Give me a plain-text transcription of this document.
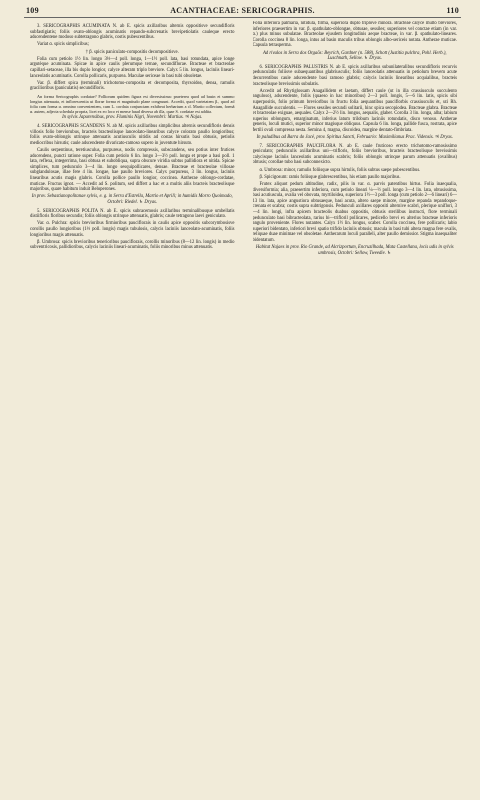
109	ACANTHACEAE: SERICOGRAPHIS.	110

3. SERICOGRAPHIS ACUMINATA N. ab E. spicis axillaribus alternis oppositisve secundifloris subfastigiatis; foliis ovato-oblongis acuminatis repando-subcrenatis brevipetiolatis cauleque erecto adscendentene modoso subtetragono glabris, costis pubescentibus.

Variat α. spicis simplicibus;

† β. spicis paniculato-compositis decompositisve.

Folia cum petiolo 1½ lin. longo 3⅓—4 poll. longa, 1—1½ poll. lata, basi rotundata, apice longe argutèque acuminata. Spicae in apice caulis plerumque ternae, secundiflorae. Bracteae et bracteolae capillari-setaceae, illa bis duplo longior, calyce alteram triplo breviore. Calyx 5 lin. longus, laciniis lineari-lanceolatis acuminatis. Corolla pollicaris, purpurea. Maculae sericeae in basi tubi obsoletae.

Var. β. differt spica (terminali) trichotomo-composita et decomposita, thyrsoidea, densa, ramulis gracilioribus (paniculatis) secundifloris.

An forma Sericographis cordatae? Folliorum quidem figura est diversissima: praeterea quod ad basin et summo longius attenuata, et inflorescentia ut florae forma et magnitudo plane congruunt. Accedit, quod varietatem β., quod ad folia cum forma α. omnino convenientem, cum L. cordata conjunctam exhibeat herbarium a cl. Martio collectum, formâ α. autem, adjecta schedula propria, licet ex eo loco et mense haud diversa ab illa, quae S. cordatae est addita.

In sylvis Japurensibus, prov. Fluminis Nigri, Novembri: Martius. ♃ Najas.

4. SERICOGRAPHIS SCANDENS N. ab M. spicis axillaribus simplicibus alternis secundifloris densis villosis folio breviorubus, bracteis bracteolisque lanceolato-linearibus calyce coloratо paullo longioribus; foliis ovato-oblongis utrinque attenuatis acutiusculis nitidis ad costas hirsutis basi obtusis, petiolis mediocribus hirsutis; caule adscendente divaricato-ramoso supero in juventute hirsuto.

Caulis serpentinus, teretiusculus, purpureus, nodis compressis, subscandens, seu potius inter frutices adscendens, puncti ratione super. Folia cum petiolo 6 lin. longo 3—3½ poll. longa et prope a basi poll. 1 lata, reflexa, integerrima, basi obtusa et subobliqua, supra obscure viridia subtus pallidiora et nitida. Spicae simplices, tum pedunculo 3—4 lin. longo sesquipollicares, densae. Bracteae et bracteolae villosae subglandulosae, illae fere 4 lin. longae, hae paullo breviores. Calyx purpureus, 3 lin. longus, laciniis linearibus acutis magis glabris. Corolla pollice paullo longior, coccinea. Antherae oblongo-cordatae, muticae. Fructus ignot. — Accedit ad S. politum, sed differt a hac et a multis aliis bracteis bracteolisque majoribus, quare habitum induit Beloperones.

In prov. Sebastianopolitanae sylvis, e. g. in Serra d'Estrella, Martio et Aprili; in humidis Morro Quoimado, Octobri: Riedel. ♄ Dryas.

5. SERICOGRAPHIS POLITA N. ab E. spicis subracemosis axillaribus terminalibusque umbellatis distiifloris floribus secundis; foliis oblongis utrinque attenuatis, glabris; caule tetragono laevi geniculato.

Var. α. Pulchra: spicis brevioribus firmioribus pauciflorais in caulis apice oppositis subcorymbosisve corollis paullo longioribus (1⅓ poll. longis) magis tubulosis, calycis laciniis lanceolato-acuminatis, foliis longioribus magis attenuatis.

β. Umbrosa: spicis brevioribus tenerioribus pauciflorais, corollis minoribus (8—12 lin. longis) in medio subventricosis, pallidioribus, calycis laciniis lineari-acuminatis, foliis minoribus minus attenuatis.

Folia inferiora palmaria, nitidula, firma, superiora duplo triplove minora. Bracteae calyce multo breviores, inferiores praesertim in var. β. spathulato-oblongae, obtusae, sessiles; superiores vel conctae etiam (in var. α.) plus minus subulatae. Bracteolae ejusdem longitudinis aeque bracteae, in var. β. spathulato-lineares. Corolla coccinea 8 lin. longa, intus ad basin maculis tribus oblongis albo-sericeis notata. Antherae muticae. Capsula tetrasperma.

Ad rivulos in Serra dos Orgaõs: Beyrich, Gardner (n. 588), Schott (Justitia pulchra, Pohl. Herb.), Luschnath, Sellow. ♄ Dryas.

6. SERICOGRAPHIS PALUSTRIS N. ab E. spicis axillaribus subunilateralibus secundifloris recurvis pedunculatis foliisve subaequantibus glabriusculis; foliis lanceolatis attenuatis in petiolum brevem acute decurrentibus caule adscendente basi ramoso glabris; calycis laciniis linearibus acquialibus, bracteis bracteolisque brevissimis subulatis.

Accedit ad Rhytiglossam Anagallidem et laetam, differt caule (ut in illa crassiusculo succulento anguloso), adscendente, foliis (quaeso in hac minoribus) 2—3 poll. longis, 5—6 lin. latis, spicis sibi superpositis, folio primum breviorlbus in fructu folia aequantibus pauciflorbis crassiusculis et, uti Rh. Anagallide succulentis. — Flores sessiles secundi solitarii, hinc spica secopiodea. Bracteae glabra. Bracteae et bracteolae exiguae, aequales. Calyx 2—2½ lin. longus, aequalis, glaber. Corolla 3 lin. longa, alba; labium superius oblongum, emarginatum, inferius latum trilobum laciniis rotundatis, disco venoso. Antherae generis, loculi mutici, superior minor magisque obliquus. Capsula 6 lin. longa, pallide fusca, rostrata, apice fertili ovali compressa nesta. Semina 4, magna, discoidea, margine dentato-fimbriata.

In paludibus ad Barra do Jacé, prov. Spiritus Sancti, Februario: Maximilianus Prac. Vidensis. ♃ Dryas.

7. SERICOGRAPHIS PAUCIFLORA N. ab E. caule fruticoso erecto trichotomo-ramosissimo geniculato; pedunculis axillaribus uni—trifloris, foliis brevioribus, bracteis bracteolisque brevissimis calycisque laciniis lanceolatis acuminatis scabris; foliis oblongis utrinque parum attenuatis (ovalibus) obtusis; corollae tubo basi subconnexicto.

α. Umbrosa: minor, ramulis foliisque supra hirtulis, foliis subtus saepe pubescentibus.

β. Spicigosum: ramis foliisque glabrescentibus, his etiam paullo majoribus.

Frutex aliquot pedum altitudine, radix, pilis in var. α. parvis patentibus hirtus. Folia inaequalia, diversiformia; alia, praesertim inferiora, cum petiolo lineari ¼—½ poll. longo 3—4 lin. lata, obtusissima, basi acutiuscula, ovalia vel obovata, myrtiloidea, superiora 1½—3 poll. longa (cum petiolo 2—6 lineari) 6—13 lin. lata, apice angustiora obtusaeque, basi acuta, altero saepe minore, margine repanda repandoque-crenata et scabra; costis supra subtrigonsis. Pedunculi axillares oppositi alternive scabri, plerique uniflori, 3—4 lin. longi, infra apicem bracteolis duabus oppositis, obtusis sterilibus instructi, flore terminali pedunculato basi bibracteolata, rarius bi—trifloril pollicares, pedicello brevi ex alterius bracteae inferioris angulo proveniente. Flores nutantes. Calyx 1½ lin. longus, scaber. Corolla coccinea, fere pollicaris; labio superiori bidentato, inferiori brevi spatio trifido laciniis obtusis; macula in basi tubi altera magna fere ovalis, reliquae duae minimae vel obsoletae. Antherarum loculi paralleli, alter paullo demissior. Stigma inaequaliter bidentatum.

Habitat Najaes in prov. Rio Grande, ad Alcrizportum, Encruzilhada, Mata Castellana, locis udis in sylvis umbrosis, Octobri: Sellow, Tweedie. ♄
